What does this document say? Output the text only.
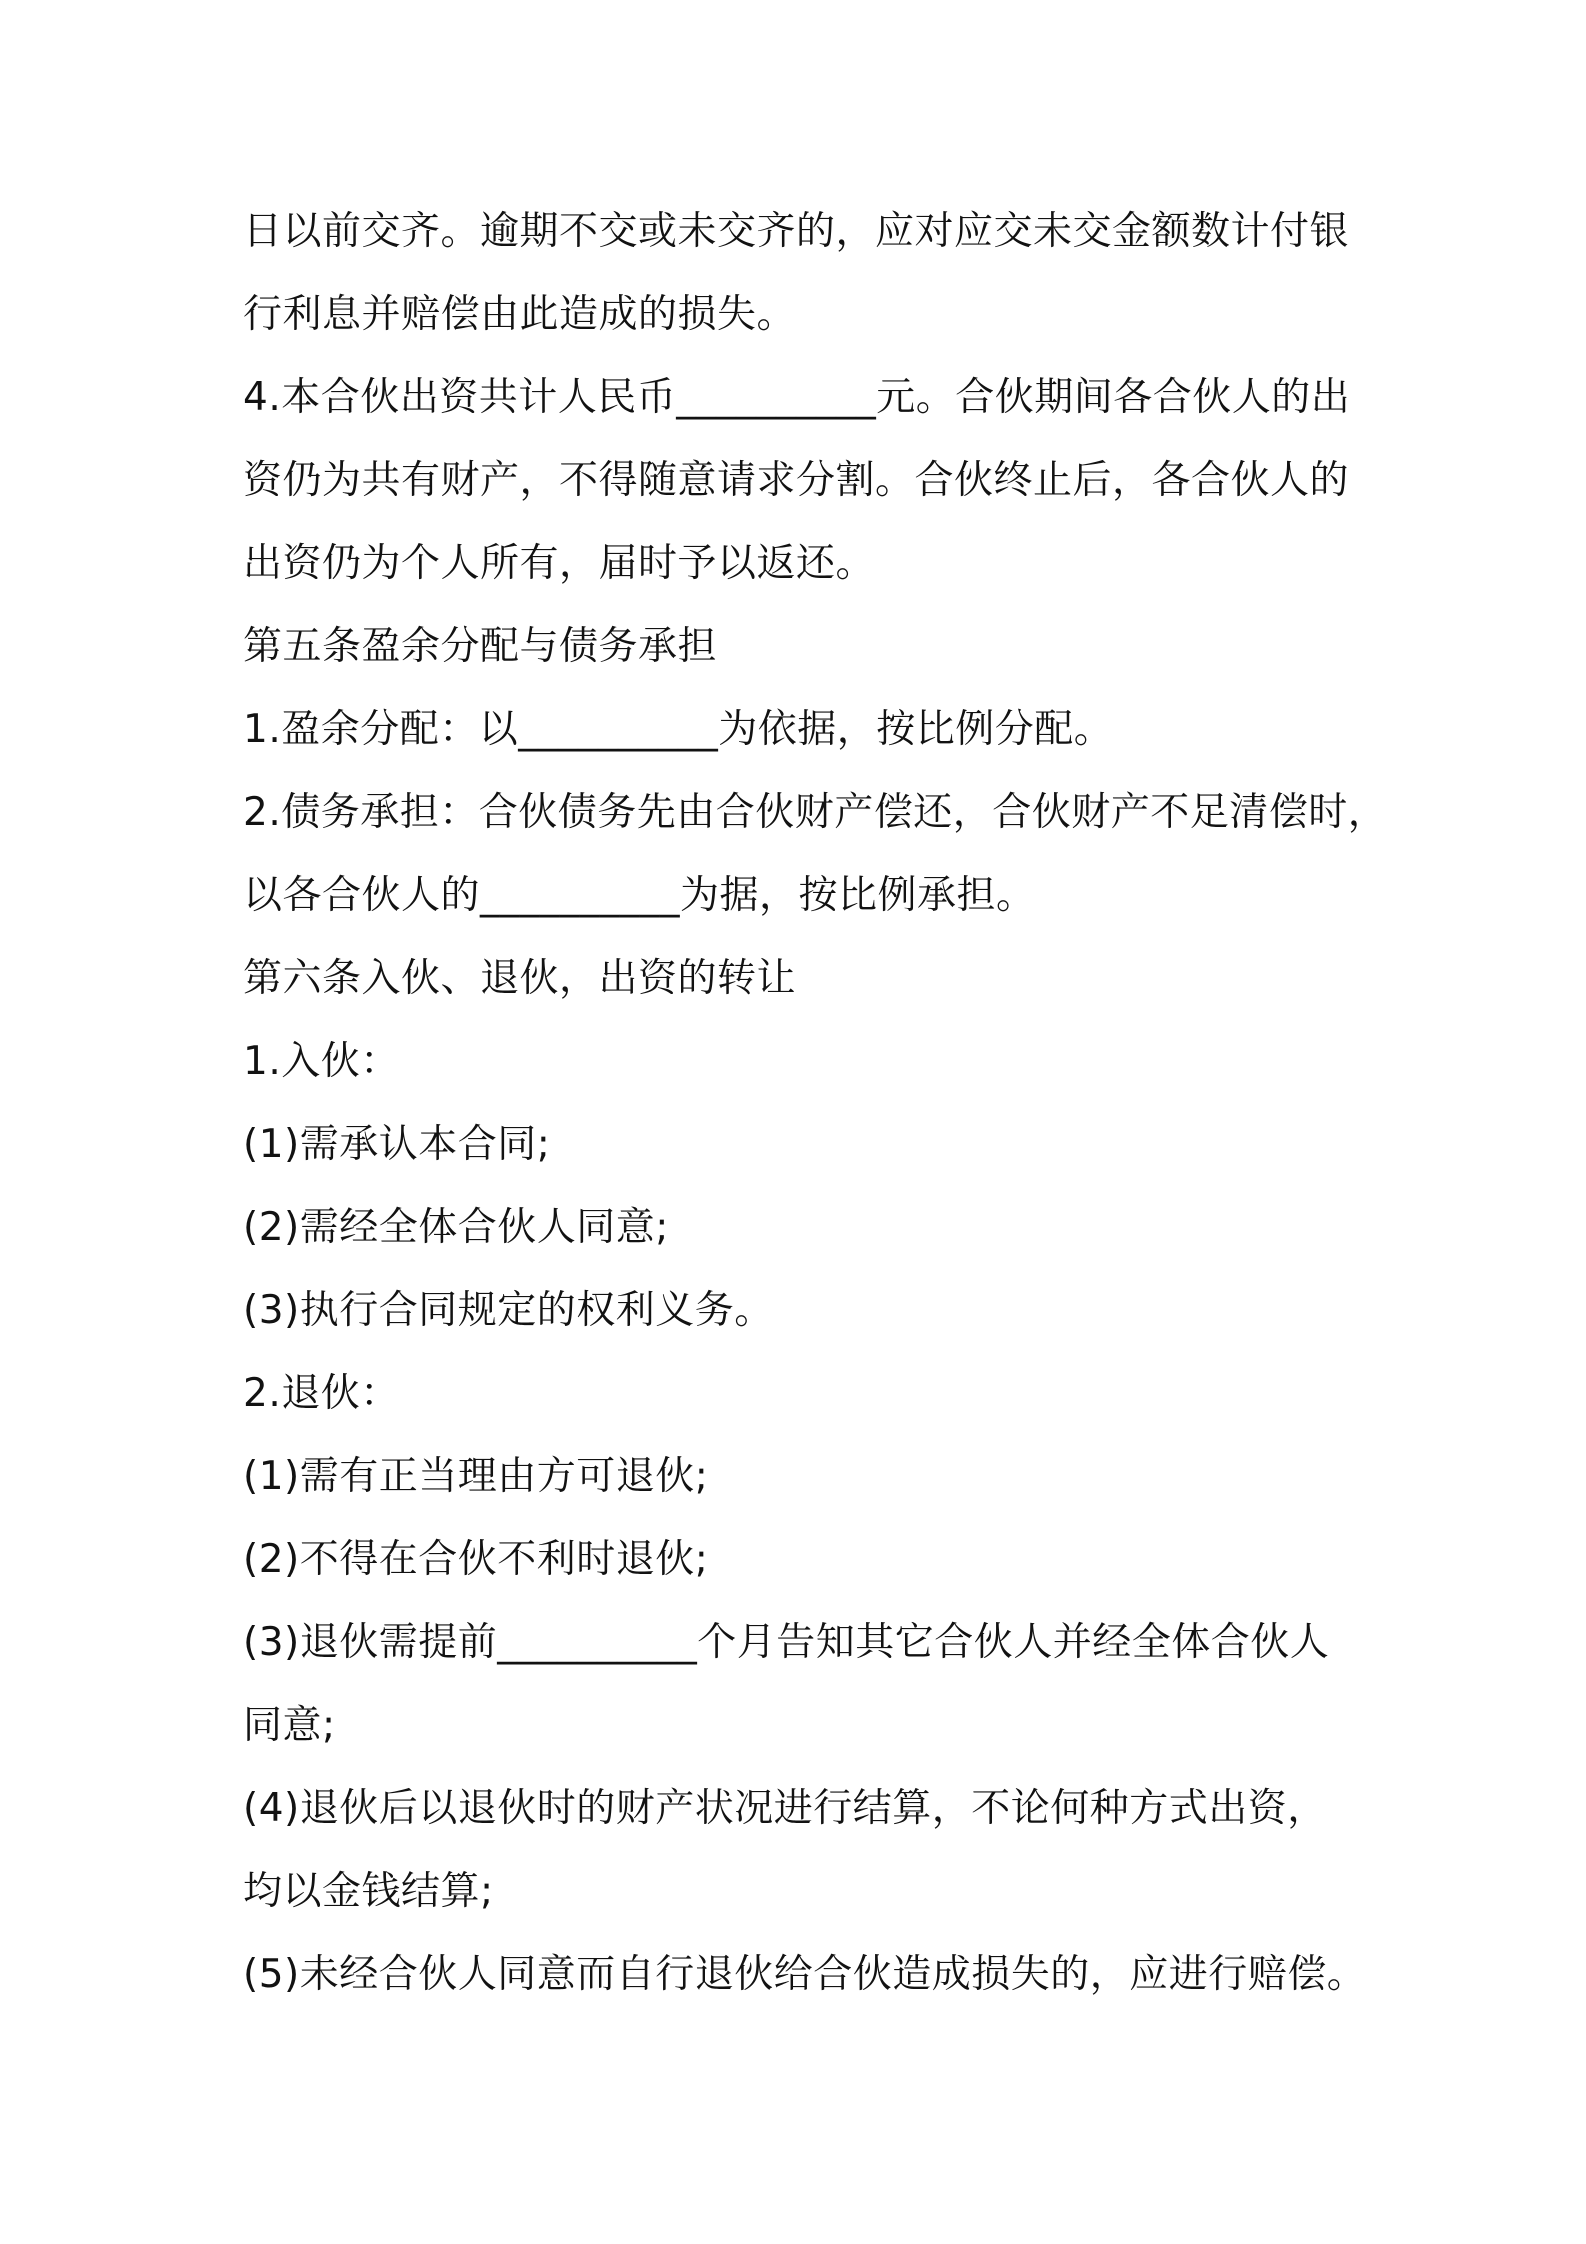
日以前交齐。逾期不交或未交齐的，应对应交未交金额数计付银
行利息并赔偿由此造成的损失。

4.本合伙出资共计人民币__________元。合伙期间各合伙人的出
资仍为共有财产，不得随意请求分割。合伙终止后，各合伙人的
出资仍为个人所有，届时予以返还。

第五条盈余分配与债务承担

1.盈余分配：以__________为依据，按比例分配。

2.债务承担：合伙债务先由合伙财产偿还，合伙财产不足清偿时，
以各合伙人的__________为据，按比例承担。

第六条入伙、退伙，出资的转让

1.入伙：

(1)需承认本合同;

(2)需经全体合伙人同意;

(3)执行合同规定的权利义务。

2.退伙：

(1)需有正当理由方可退伙;

(2)不得在合伙不利时退伙;

(3)退伙需提前__________个月告知其它合伙人并经全体合伙人
同意;

(4)退伙后以退伙时的财产状况进行结算，不论何种方式出资，
均以金钱结算;

(5)未经合伙人同意而自行退伙给合伙造成损失的，应进行赔偿。
